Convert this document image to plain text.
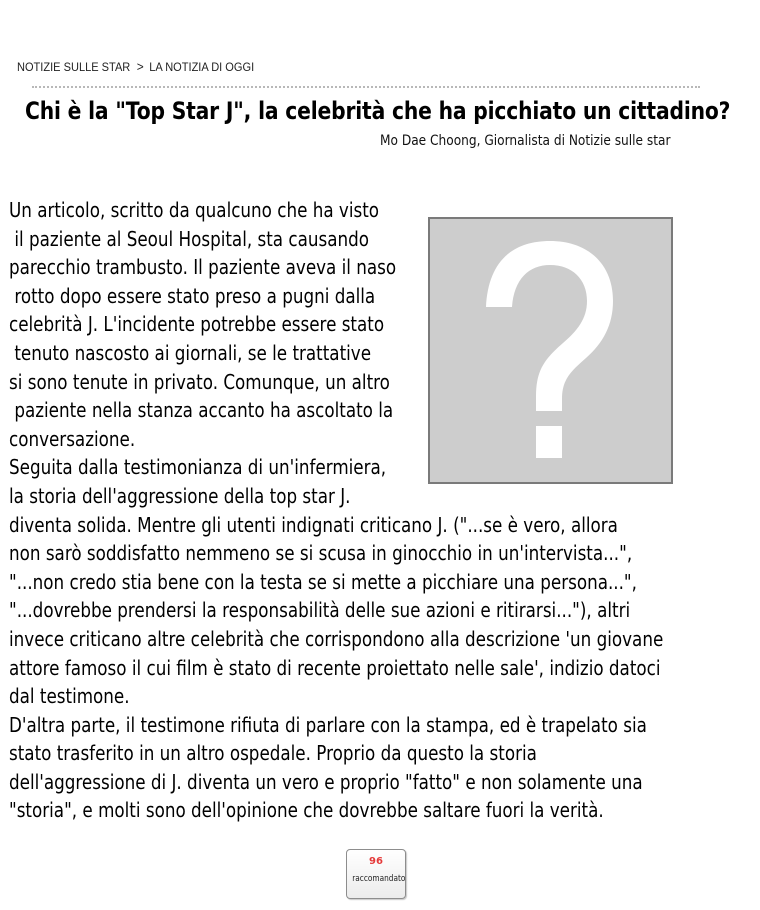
NOTIZIE SULLE STAR > LA NOTIZIA DI OGGI
Chi è la "Top Star J", la celebrità che ha picchiato un cittadino?
Mo Dae Choong, Giornalista di Notizie sulle star
Un articolo, scritto da qualcuno che ha visto
il paziente al Seoul Hospital, sta causando
parecchio trambusto. Il paziente aveva il naso
rotto dopo essere stato preso a pugni dalla
celebrità J. L'incidente potrebbe essere stato
tenuto nascosto ai giornali, se le trattative
si sono tenute in privato. Comunque, un altro
paziente nella stanza accanto ha ascoltato la
conversazione.
Seguita dalla testimonianza di un'infermiera,
la storia dell'aggressione della top star J.
diventa solida. Mentre gli utenti indignati criticano J. ("...se è vero, allora
non sarò soddisfatto nemmeno se si scusa in ginocchio in un'intervista...",
"...non credo stia bene con la testa se si mette a picchiare una persona...",
"...dovrebbe prendersi la responsabilità delle sue azioni e ritirarsi..."), altri
invece criticano altre celebrità che corrispondono alla descrizione 'un giovane
attore famoso il cui film è stato di recente proiettato nelle sale', indizio datoci
dal testimone.
D'altra parte, il testimone rifiuta di parlare con la stampa, ed è trapelato sia
stato trasferito in un altro ospedale. Proprio da questo la storia
dell'aggressione di J. diventa un vero e proprio "fatto" e non solamente una
"storia", e molti sono dell'opinione che dovrebbe saltare fuori la verità.
96
raccomandato
